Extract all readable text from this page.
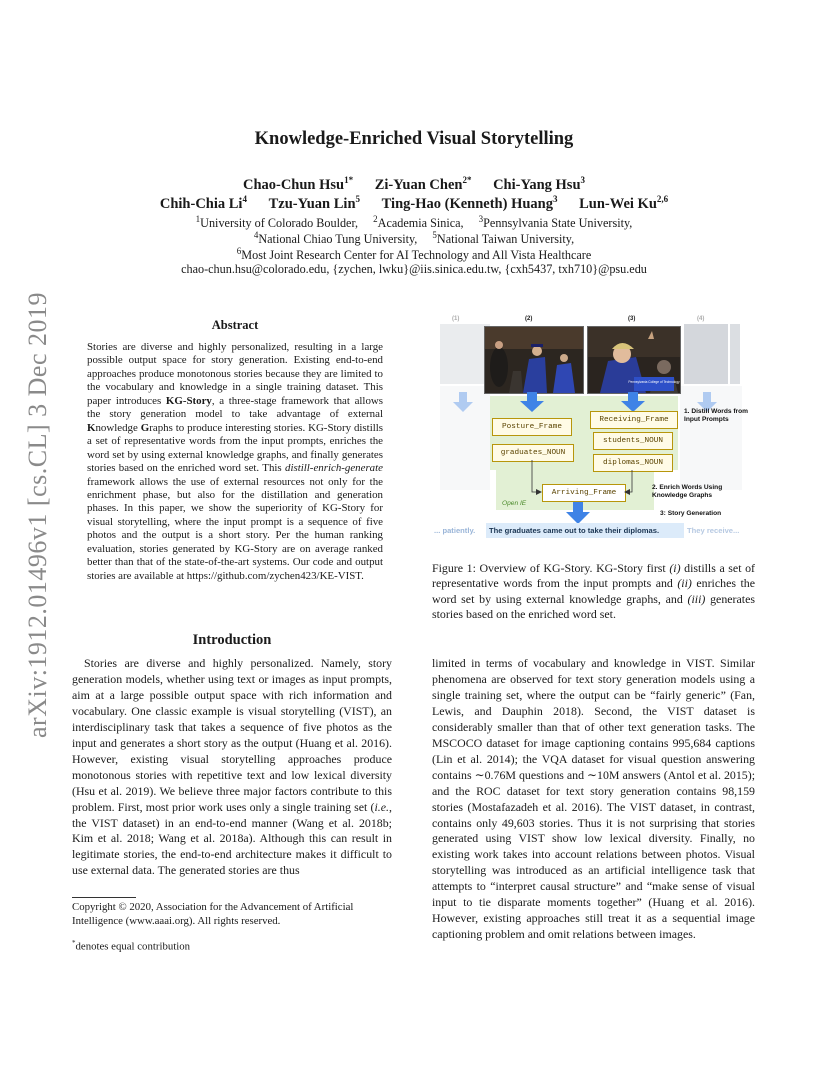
arXiv:1912.01496v1 [cs.CL] 3 Dec 2019
Knowledge-Enriched Visual Storytelling
Chao-Chun Hsu$^{1*}$ Zi-Yuan Chen$^{2*}$ Chi-Yang Hsu$^3$
Chih-Chia Li$^4$ Tzu-Yuan Lin$^5$ Ting-Hao (Kenneth) Huang$^3$ Lun-Wei Ku$^{2,6}$
$^1$University of Colorado Boulder, $^2$Academia Sinica, $^3$Pennsylvania State University,
$^4$National Chiao Tung University, $^5$National Taiwan University,
$^6$Most Joint Research Center for AI Technology and All Vista Healthcare
chao-chun.hsu@colorado.edu, {zychen, lwku}@iis.sinica.edu.tw, {cxh5437, txh710}@psu.edu
Abstract
Stories are diverse and highly personalized, resulting in a large possible output space for story generation. Existing end-to-end approaches produce monotonous stories because they are limited to the vocabulary and knowledge in a single training dataset. This paper introduces KG-Story, a three-stage framework that allows the story generation model to take advantage of external Knowledge Graphs to produce interesting stories. KG-Story distills a set of representative words from the input prompts, enriches the word set by using external knowledge graphs, and finally generates stories based on the enriched word set. This distill-enrich-generate framework allows the use of external resources not only for the enrichment phase, but also for the distillation and generation phases. In this paper, we show the superiority of KG-Story for visual storytelling, where the input prompt is a sequence of five photos and the output is a short story. Per the human ranking evaluation, stories generated by KG-Story are on average ranked better than that of the state-of-the-art systems. Our code and output stories are available at https://github.com/zychen423/KE-VIST.
Introduction
Stories are diverse and highly personalized. Namely, story generation models, whether using text or images as input prompts, aim at a large possible output space with rich information and vocabulary. One classic example is visual storytelling (VIST), an interdisciplinary task that takes a sequence of five photos as the input and generates a short story as the output (Huang et al. 2016). However, existing visual storytelling approaches produce monotonous stories with repetitive text and low lexical diversity (Hsu et al. 2019). We believe three major factors contribute to this problem. First, most prior work uses only a single training set (i.e., the VIST dataset) in an end-to-end manner (Wang et al. 2018b; Kim et al. 2018; Wang et al. 2018a). Although this can result in legitimate stories, the end-to-end architecture makes it difficult to use external data. The generated stories are thus
Copyright © 2020, Association for the Advancement of Artificial Intelligence (www.aaai.org). All rights reserved.
*denotes equal contribution
limited in terms of vocabulary and knowledge in VIST. Similar phenomena are observed for text story generation models using a single training set, where the output can be “fairly generic” (Fan, Lewis, and Dauphin 2018). Second, the VIST dataset is considerably smaller than that of other text generation tasks. The MSCOCO dataset for image captioning contains 995,684 captions (Lin et al. 2014); the VQA dataset for visual question answering contains ∼0.76M questions and ∼10M answers (Antol et al. 2015); and the ROC dataset for text story generation contains 98,159 stories (Mostafazadeh et al. 2016). The VIST dataset, in contrast, contains only 49,603 stories. Thus it is not surprising that stories generated using VIST show low lexical diversity. Finally, no existing work takes into account relations between photos. Visual storytelling was introduced as an artificial intelligence task that attempts to “interpret causal structure” and “make sense of visual input to tie disparate moments together” (Huang et al. 2016). However, existing approaches still treat it as a sequential image captioning problem and omit relations between images.
Figure 1: Overview of KG-Story. KG-Story first (i) distills a set of representative words from the input prompts and (ii) enriches the word set by using external knowledge graphs, and (iii) generates stories based on the enriched word set.
(1)	(2)	(3)	(4)
Pennsylvania College of Technology
Posture_Frame
graduates_NOUN
Receiving_Frame
students_NOUN
diplomas_NOUN
Arriving_Frame
Open IE
1. Distill Words from Input Prompts
2. Enrich Words Using Knowledge Graphs
3: Story Generation
... patiently. The graduates came out to take their diplomas.	They receive...
